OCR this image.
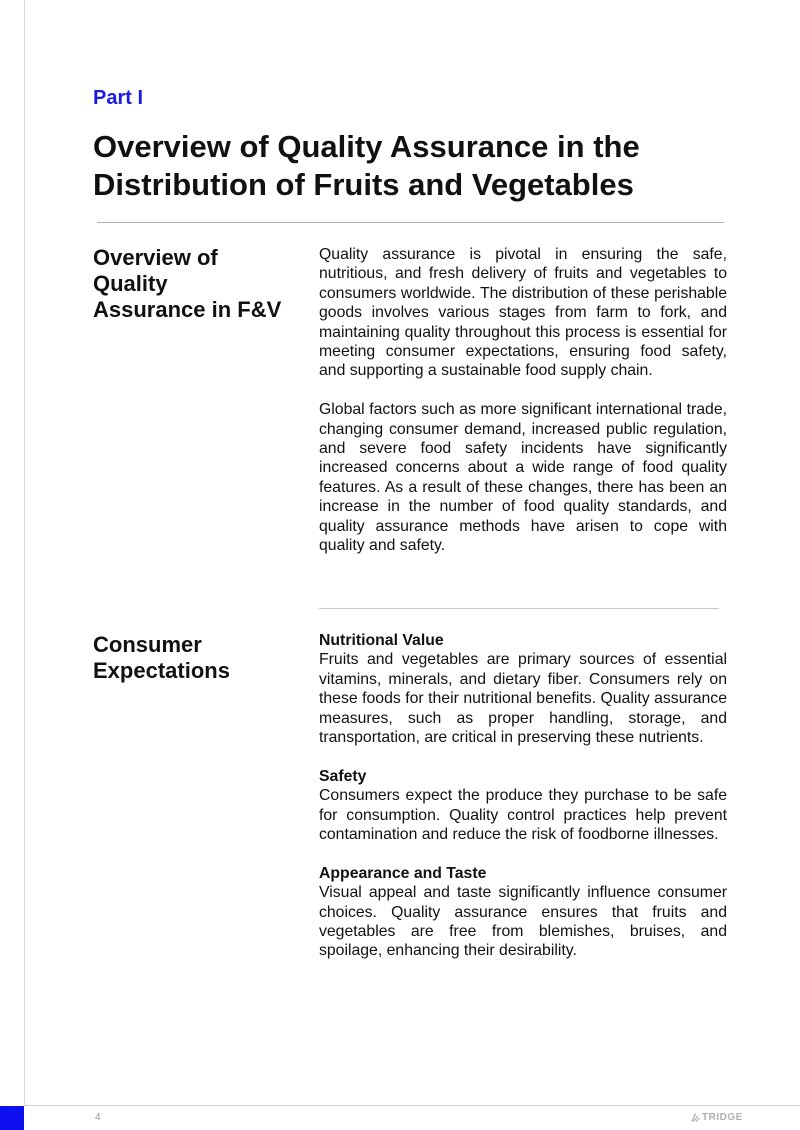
Part I
Overview of Quality Assurance in the Distribution of Fruits and Vegetables
Overview of Quality Assurance in F&V

Quality assurance is pivotal in ensuring the safe, nutritious, and fresh delivery of fruits and vegetables to consumers worldwide. The distribution of these perishable goods involves various stages from farm to fork, and maintaining quality throughout this process is essential for meeting consumer expectations, ensuring food safety, and supporting a sustainable food supply chain.

Global factors such as more significant international trade, changing consumer demand, increased public regulation, and severe food safety incidents have significantly increased concerns about a wide range of food quality features. As a result of these changes, there has been an increase in the number of food quality standards, and quality assurance methods have arisen to cope with quality and safety.

Consumer Expectations
Nutritional Value

Fruits and vegetables are primary sources of essential vitamins, minerals, and dietary fiber. Consumers rely on these foods for their nutritional benefits. Quality assurance measures, such as proper handling, storage, and transportation, are critical in preserving these nutrients.

Safety

Consumers expect the produce they purchase to be safe for consumption. Quality control practices help prevent contamination and reduce the risk of foodborne illnesses.

Appearance and Taste

Visual appeal and taste significantly influence consumer choices. Quality assurance ensures that fruits and vegetables are free from blemishes, bruises, and spoilage, enhancing their desirability.

4	TRIDGE
